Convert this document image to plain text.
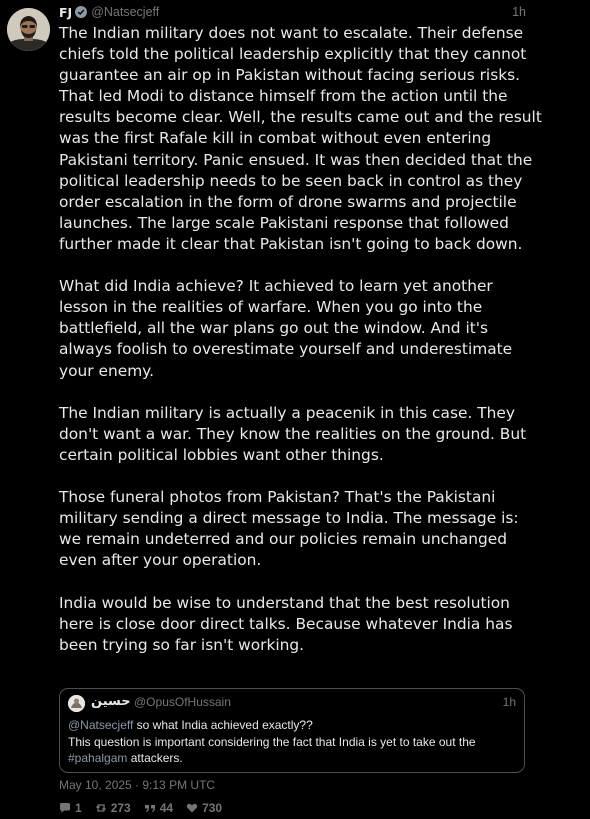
FJ @Natsecjeff	1h

The Indian military does not want to escalate. Their defense chiefs told the political leadership explicitly that they cannot guarantee an air op in Pakistan without facing serious risks. That led Modi to distance himself from the action until the results become clear. Well, the results came out and the result was the first Rafale kill in combat without even entering Pakistani territory. Panic ensued. It was then decided that the political leadership needs to be seen back in control as they order escalation in the form of drone swarms and projectile launches. The large scale Pakistani response that followed further made it clear that Pakistan isn't going to back down.

What did India achieve? It achieved to learn yet another lesson in the realities of warfare. When you go into the battlefield, all the war plans go out the window. And it's always foolish to overestimate yourself and underestimate your enemy.

The Indian military is actually a peacenik in this case. They don't want a war. They know the realities on the ground. But certain political lobbies want other things.

Those funeral photos from Pakistan? That's the Pakistani military sending a direct message to India. The message is: we remain undeterred and our policies remain unchanged even after your operation.

India would be wise to understand that the best resolution here is close door direct talks. Because whatever India has been trying so far isn't working.

حسین @OpusOfHussain	1h
@Natsecjeff so what India achieved exactly??
This question is important considering the fact that India is yet to take out the
#pahalgam attackers.
May 10, 2025 · 9:13 PM UTC
1 273 44 730
